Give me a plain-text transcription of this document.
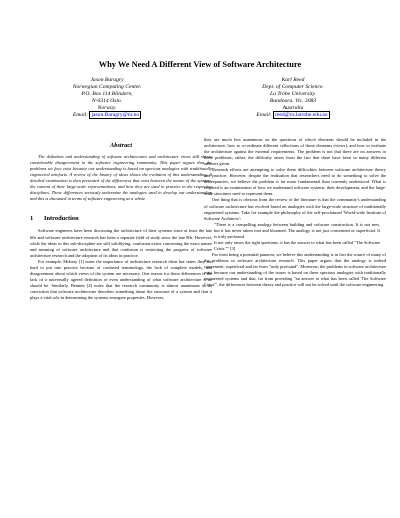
Why We Need A Different View of Software Architecture
Jason Baragry
Norwegian Computing Center.
P.O. Box 114 Blindern,
N-0314 Oslo.
Norway.
Email: jason.Baragry@nr.no
Karl Reed
Dept. of Computer Science.
La Trobe University.
Bundoora. Vic. 3083
Australia
Email: reed@cs.latrobe.edu.au
Abstract

The definition and understanding of software architectures and architecture views still shows considerable disagreement in the software engineering community. This paper argues that the problems we face exist because our understanding is based on specious analogies with traditionally engineered artefacts. A review of the history of ideas shows the evolution of this understanding. A detailed examination is then presented of the differences that exist between the nature of the systems, the content of their large-scale representations, and how they are used in practice in the respective disciplines. These differences seriously undermine the analogies used to develop our understanding and this is discussed in terms of software engineering as a whole.

1 Introduction

Software engineers have been discussing the architecture of their systems since at least the late 60s and software architecture research has been a separate field of study since the late 80s. However, while the ideas in this sub-discipline are still solidifying, confusion exists concerning the exact nature and meaning of software architecture and that confusion is restricting the progress of software architecture research and the adoption of its ideas in practice.

For example, Mobray [1] notes the importance of architecture research ideas but states they are hard to put into practice because of confused terminology, the lack of complete models, and disagreement about which views of the system are necessary. One reason for those differences is the lack of a universally agreed definition or even understanding of what software architecture is or should be. Similarly, Bennett [2] notes that the research community is almost unanimous in its conviction that software architecture describes something about the structure of a system and that it plays a vital role in determining the systems emergent properties. However,

they are much less unanimous on the questions of which elements should be included in the architecture, how to co-ordinate different collections of those elements (views), and how to evaluate the architecture against the external requirements. The problem is not that there are no answers to these problems; rather, the difficulty arises from the fact that there have been so many different answers given.

Research efforts are attempting to solve these difficulties between software architecture theory and practice. However, despite the realisation that researchers need to do something to solve the discrepancies, we believe the problem is far more fundamental than currently understood. What is required is an examination of how we understand software systems, their development, and the large-scale structures used to represent them.

One thing that is obvious from the review of the literature is that the community's understanding of software architecture has evolved based on analogies with the large-scale structure of traditionally engineered systems. Take for example the philosophy of the self-proclaimed 'World-wide Institute of Software Architects':

"There is a compelling analogy between building and software construction. It is not new, but it has never taken root and bloomed. The analogy is not just convenient or superficial. It is truly profound.

It not only raises the right questions, it has the answer to what has been called "The Software Crisis."" [3]

Far from being a potential panacea, we believe this understanding is in fact the source of many of the problems in software architecture research. This paper argues that the analogy is indeed convenient, superficial and far from "truly profound". Moreover, the problems in software architecture exist because our understanding of the issues is based on these specious analogies with traditionally engineered systems and that, far from providing "an answer to what has been called 'The Software Crisis'", the differences between theory and practice will not be solved until the software engineering
